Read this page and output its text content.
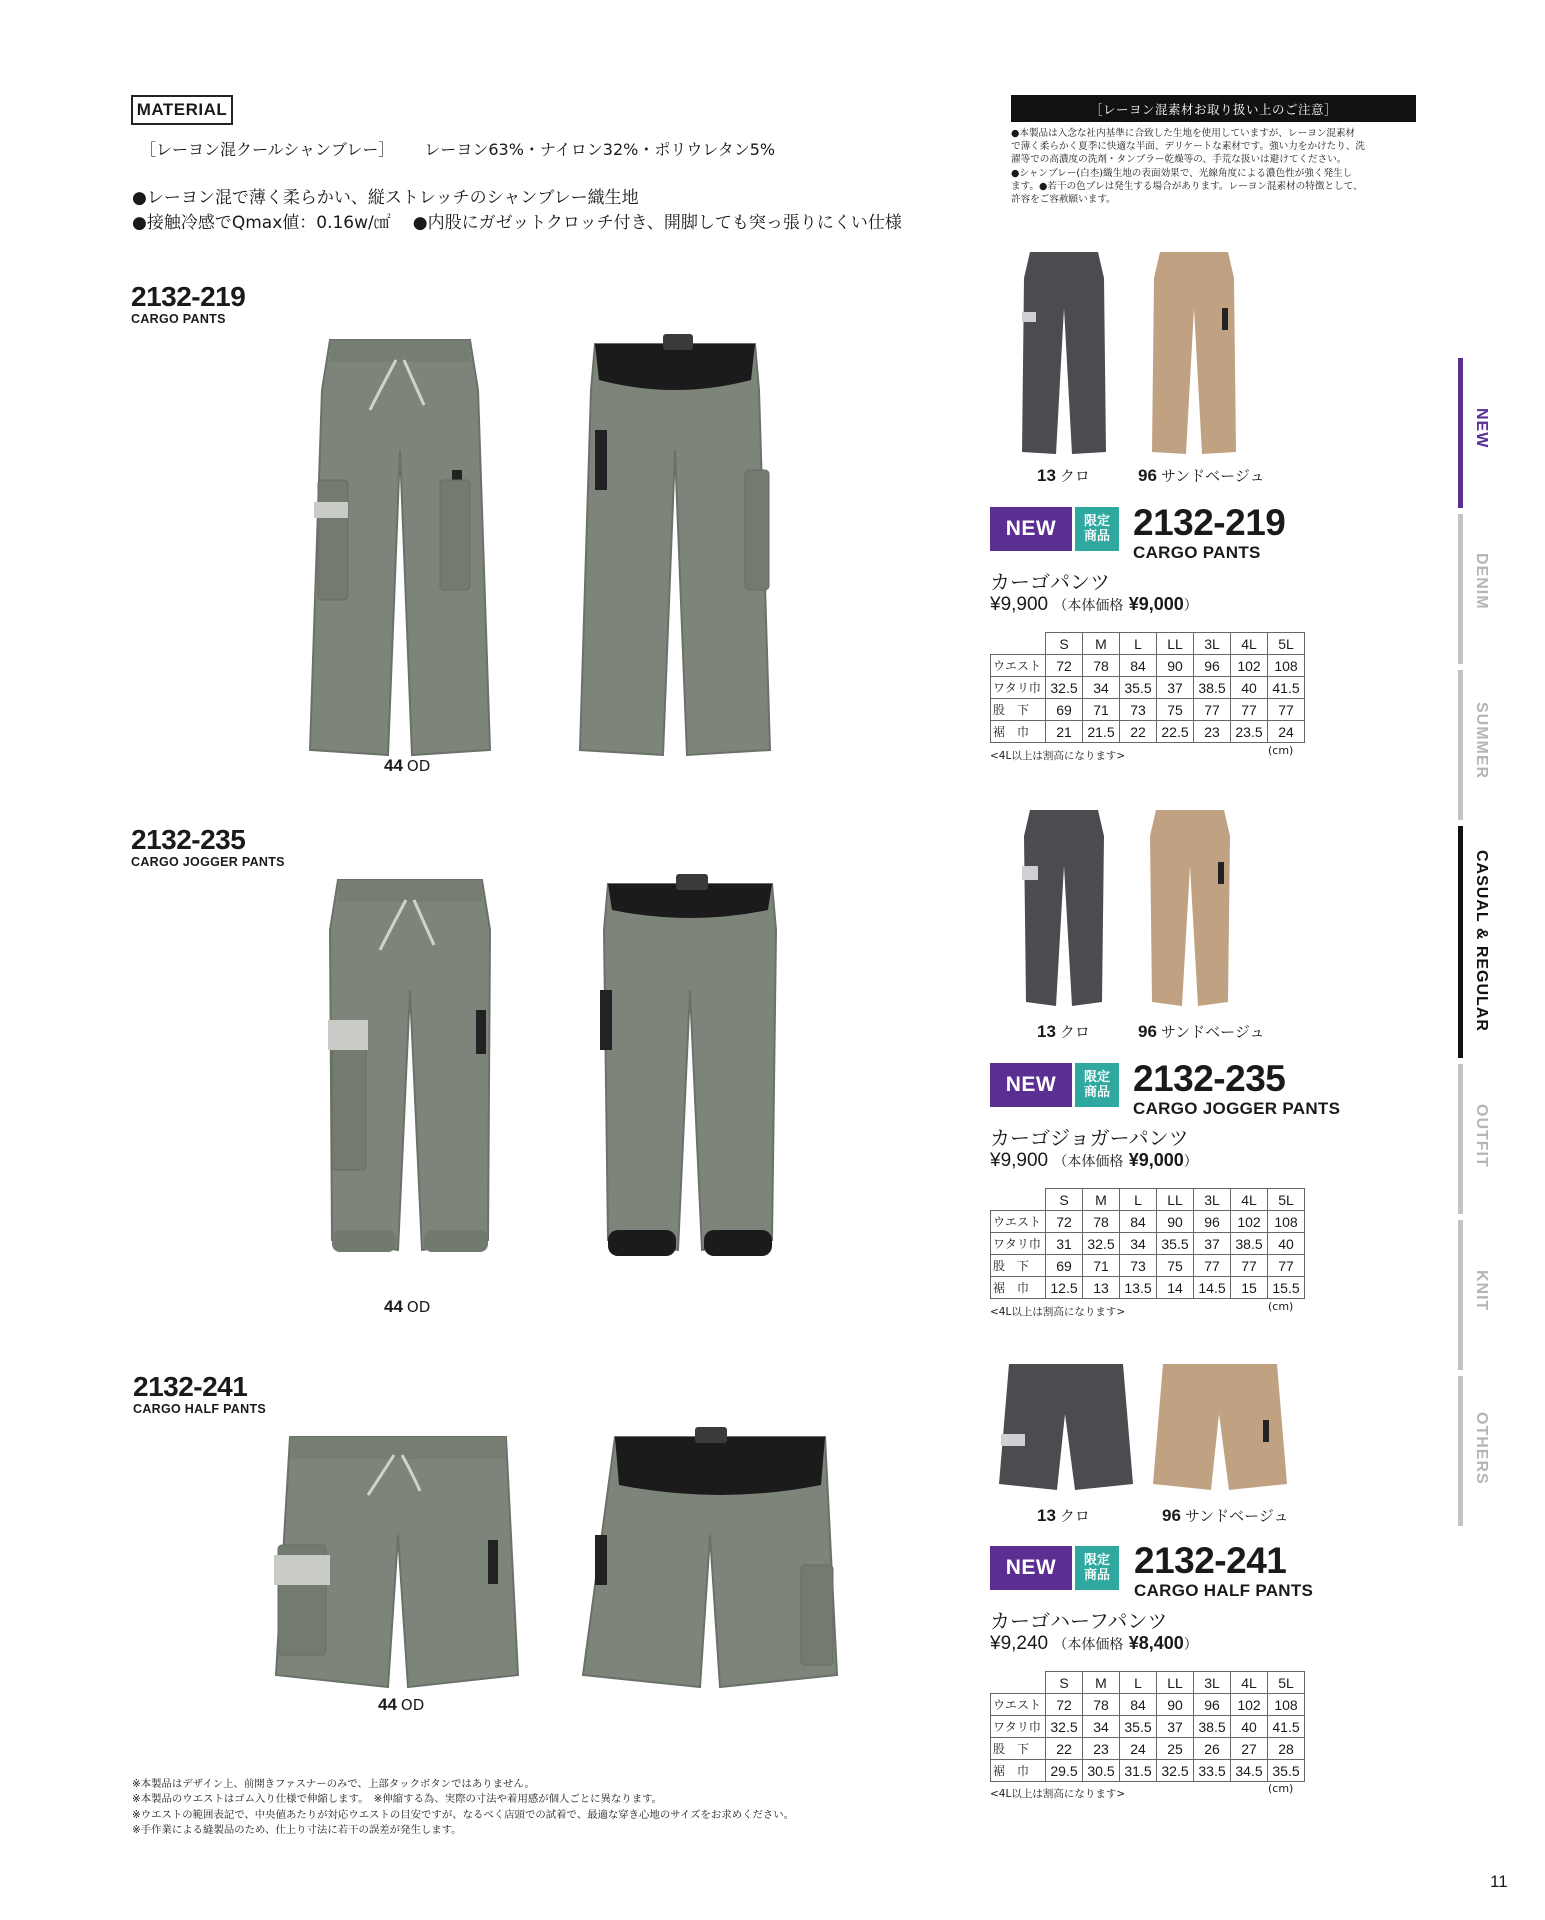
MATERIAL
［レーヨン混クールシャンブレー］ レーヨン63%・ナイロン32%・ポリウレタン5%
●レーヨン混で薄く柔らかい、縦ストレッチのシャンブレー織生地
●接触冷感でQmax値：0.16w/㎠ ●内股にガゼットクロッチ付き、開脚しても突っ張りにくい仕様
［レーヨン混素材お取り扱い上のご注意］

●本製品は入念な社内基準に合致した生地を使用していますが、レーヨン混素材

で薄く柔らかく夏季に快適な半面、デリケートな素材です。強い力をかけたり、洗

濯等での高濃度の洗剤・タンブラー乾燥等の、手荒な扱いは避けてください。

●シャンブレー(白杢)織生地の表面効果で、光線角度による濃色性が強く発生し

ます。●若干の色ブレは発生する場合があります。レーヨン混素材の特徴として、

許容をご容赦願います。

2132-219
CARGO PANTS
2132-235
CARGO JOGGER PANTS
2132-241
CARGO HALF PANTS
44 OD
44 OD
44 OD
13 クロ	96 サンドベージュ
NEW	限定
商品 2132-219
CARGO PANTS
カーゴパンツ
¥9,900 （本体価格 ¥9,000）
	S	M	L	LL	3L	4L	5L
ウエスト	72	78	84	90	96	102	108
ワタリ巾	32.5	34	35.5	37	38.5	40	41.5
股　下	69	71	73	75	77	77	77
裾　巾	21	21.5	22	22.5	23	23.5	24
<4L以上は割高になります>	(cm)
13 クロ	96 サンドベージュ
NEW	限定
商品 2132-235
CARGO JOGGER PANTS
カーゴジョガーパンツ
¥9,900 （本体価格 ¥9,000）
	S	M	L	LL	3L	4L	5L
ウエスト	72	78	84	90	96	102	108
ワタリ巾	31	32.5	34	35.5	37	38.5	40
股　下	69	71	73	75	77	77	77
裾　巾	12.5	13	13.5	14	14.5	15	15.5
<4L以上は割高になります>	(cm)
13 クロ	96 サンドベージュ
NEW	限定
商品 2132-241
CARGO HALF PANTS
カーゴハーフパンツ
¥9,240 （本体価格 ¥8,400）
	S	M	L	LL	3L	4L	5L
ウエスト	72	78	84	90	96	102	108
ワタリ巾	32.5	34	35.5	37	38.5	40	41.5
股　下	22	23	24	25	26	27	28
裾　巾	29.5	30.5	31.5	32.5	33.5	34.5	35.5
<4L以上は割高になります>	(cm)

※本製品はデザイン上、前開きファスナーのみで、上部タックボタンではありません。

※本製品のウエストはゴム入り仕様で伸縮します。　※伸縮する為、実際の寸法や着用感が個人ごとに異なります。

※ウエストの範囲表記で、中央値あたりが対応ウエストの目安ですが、なるべく店頭での試着で、最適な穿き心地のサイズをお求めください。

※手作業による縫製品のため、仕上り寸法に若干の誤差が発生します。

NEW
DENIM
SUMMER
CASUAL & REGULAR
OUTFIT
KNIT
OTHERS
11
